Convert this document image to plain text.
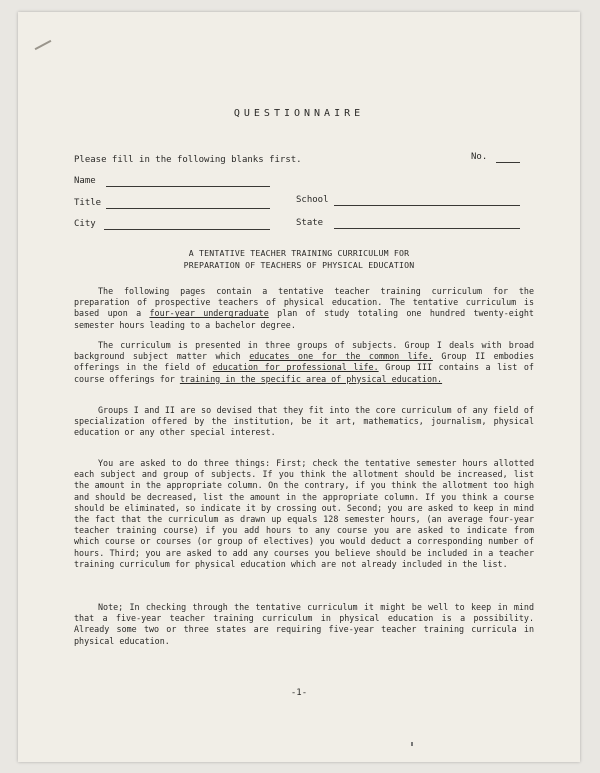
QUESTIONNAIRE
Please fill in the following blanks first.	No.
Name
Title	School
City	State
A TENTATIVE TEACHER TRAINING CURRICULUM FOR
PREPARATION OF TEACHERS OF PHYSICAL EDUCATION
The following pages contain a tentative teacher training curriculum for the preparation of prospective teachers of physical education. The tentative curriculum is based upon a four-year undergraduate plan of study totaling one hundred twenty-eight semester hours leading to a bachelor degree.
The curriculum is presented in three groups of subjects. Group I deals with broad background subject matter which educates one for the common life. Group II embodies offerings in the field of education for professional life. Group III contains a list of course offerings for training in the specific area of physical education.
Groups I and II are so devised that they fit into the core curriculum of any field of specialization offered by the institution, be it art, mathematics, journalism, physical education or any other special interest.
You are asked to do three things: First; check the tentative semester hours allotted each subject and group of subjects. If you think the allotment should be increased, list the amount in the appropriate column. On the contrary, if you think the allotment too high and should be decreased, list the amount in the appropriate column. If you think a course should be eliminated, so indicate it by crossing out. Second; you are asked to keep in mind the fact that the curriculum as drawn up equals 128 semester hours, (an average four-year teacher training course) if you add hours to any course you are asked to indicate from which course or courses (or group of electives) you would deduct a corresponding number of hours. Third; you are asked to add any courses you believe should be included in a teacher training curriculum for physical education which are not already included in the list.
Note; In checking through the tentative curriculum it might be well to keep in mind that a five-year teacher training curriculum in physical education is a possibility. Already some two or three states are requiring five-year teacher training curricula in physical education.
-1-
